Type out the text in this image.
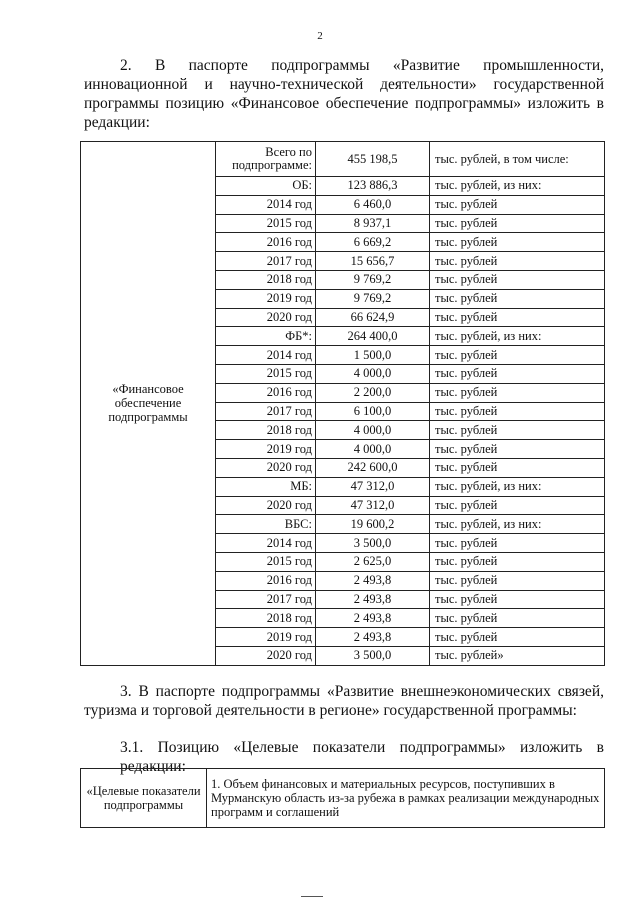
2
2. В паспорте подпрограммы «Развитие промышленности, инновационной и научно-технической деятельности» государственной программы позицию «Финансовое обеспечение подпрограммы» изложить в редакции:
«Финансовое обеспечение подпрограммы	Всего по подпрограмме:	455 198,5	тыс. рублей, в том числе:
	ОБ:	123 886,3	тыс. рублей, из них:
	2014 год	6 460,0	тыс. рублей
	2015 год	8 937,1	тыс. рублей
	2016 год	6 669,2	тыс. рублей
	2017 год	15 656,7	тыс. рублей
	2018 год	9 769,2	тыс. рублей
	2019 год	9 769,2	тыс. рублей
	2020 год	66 624,9	тыс. рублей
	ФБ*:	264 400,0	тыс. рублей, из них:
	2014 год	1 500,0	тыс. рублей
	2015 год	4 000,0	тыс. рублей
	2016 год	2 200,0	тыс. рублей
	2017 год	6 100,0	тыс. рублей
	2018 год	4 000,0	тыс. рублей
	2019 год	4 000,0	тыс. рублей
	2020 год	242 600,0	тыс. рублей
	МБ:	47 312,0	тыс. рублей, из них:
	2020 год	47 312,0	тыс. рублей
	ВБС:	19 600,2	тыс. рублей, из них:
	2014 год	3 500,0	тыс. рублей
	2015 год	2 625,0	тыс. рублей
	2016 год	2 493,8	тыс. рублей
	2017 год	2 493,8	тыс. рублей
	2018 год	2 493,8	тыс. рублей
	2019 год	2 493,8	тыс. рублей
	2020 год	3 500,0	тыс. рублей»
3. В паспорте подпрограммы «Развитие внешнеэкономических связей, туризма и торговой деятельности в регионе» государственной программы:
3.1. Позицию «Целевые показатели подпрограммы» изложить в редакции:
«Целевые показатели подпрограммы	1. Объем финансовых и материальных ресурсов, поступивших в Мурманскую область из-за рубежа в рамках реализации международных программ и соглашений
